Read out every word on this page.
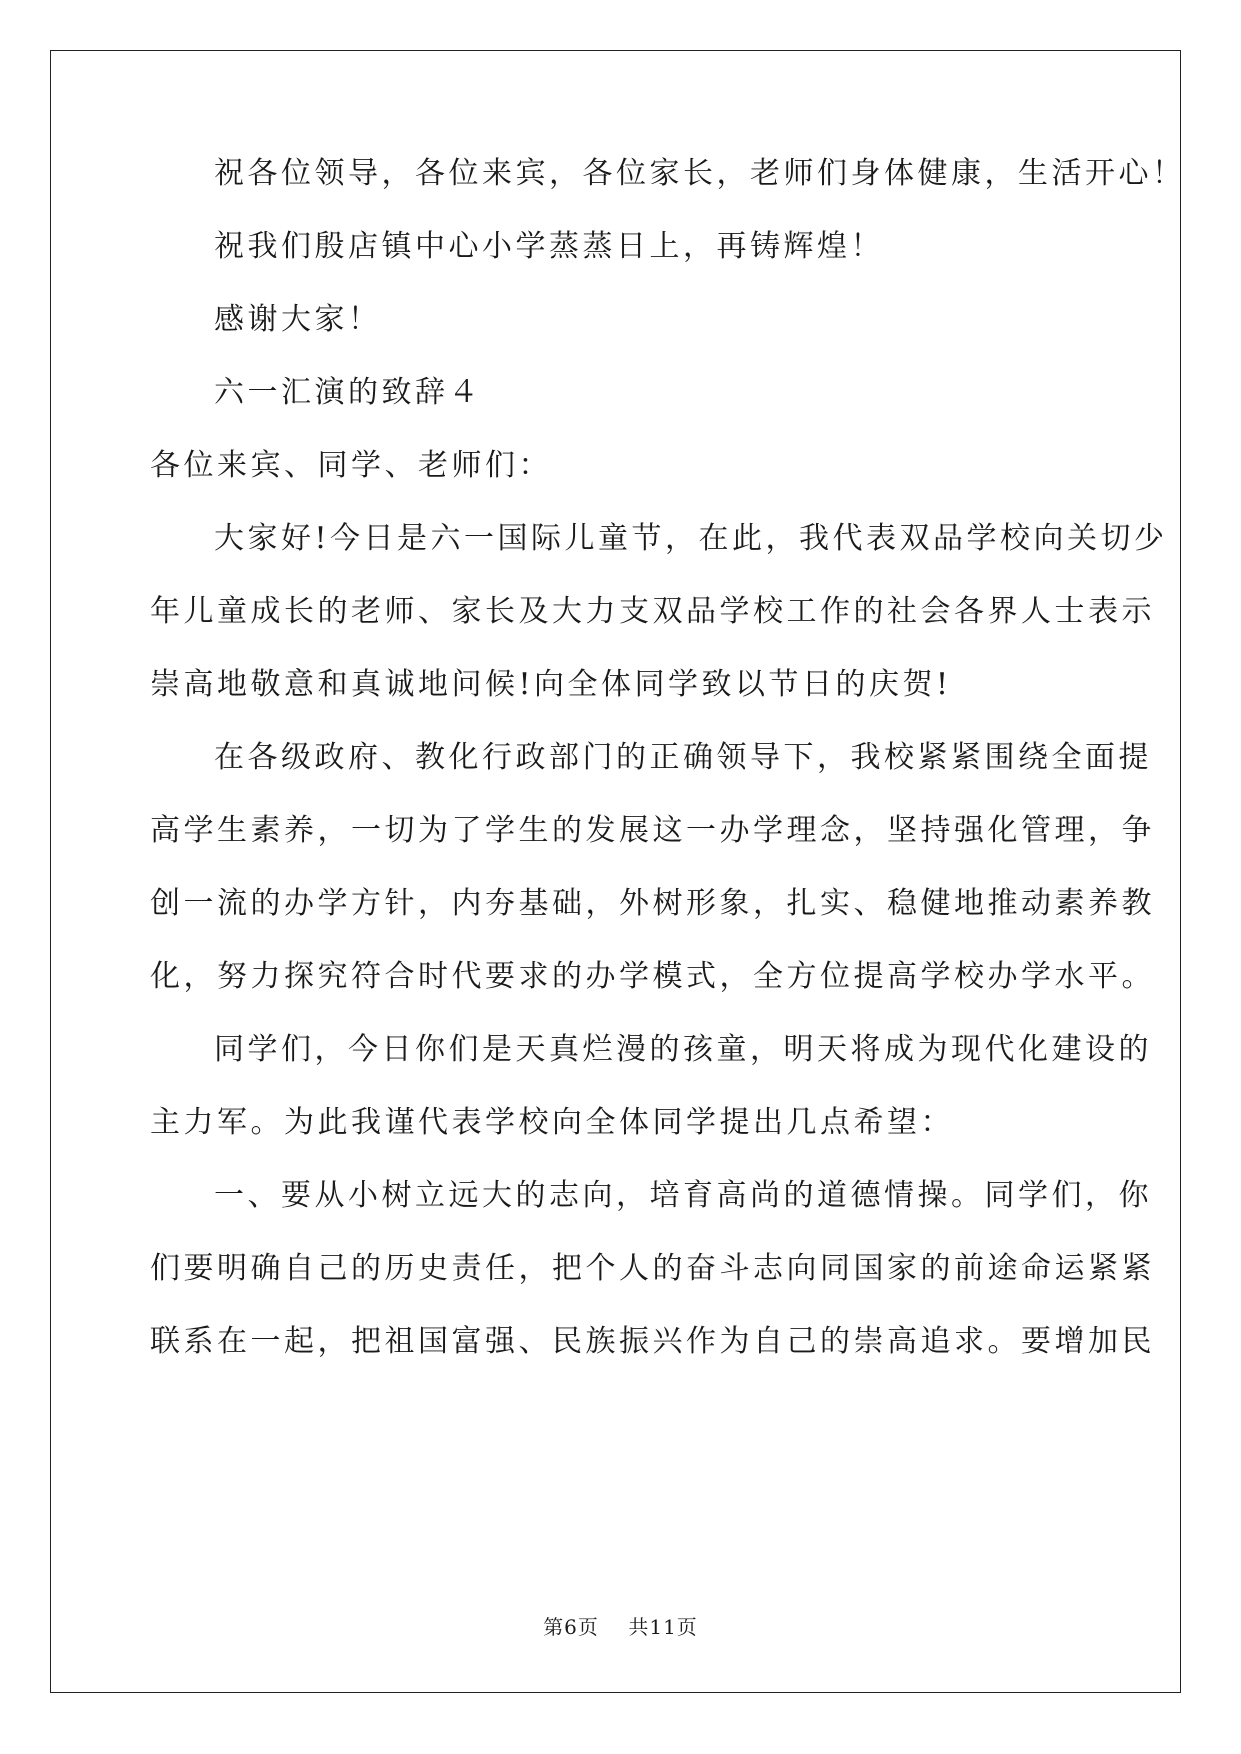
祝各位领导，各位来宾，各位家长，老师们身体健康，生活开心！
祝我们殷店镇中心小学蒸蒸日上，再铸辉煌！
感谢大家！
六一汇演的致辞４
各位来宾、同学、老师们：
大家好!今日是六一国际儿童节，在此，我代表双品学校向关切少
年儿童成长的老师、家长及大力支双品学校工作的社会各界人士表示
崇高地敬意和真诚地问候!向全体同学致以节日的庆贺!
在各级政府、教化行政部门的正确领导下，我校紧紧围绕全面提
高学生素养，一切为了学生的发展这一办学理念，坚持强化管理，争
创一流的办学方针，内夯基础，外树形象，扎实、稳健地推动素养教
化，努力探究符合时代要求的办学模式，全方位提高学校办学水平。
同学们，今日你们是天真烂漫的孩童，明天将成为现代化建设的
主力军。为此我谨代表学校向全体同学提出几点希望：
一、要从小树立远大的志向，培育高尚的道德情操。同学们，你
们要明确自己的历史责任，把个人的奋斗志向同国家的前途命运紧紧
联系在一起，把祖国富强、民族振兴作为自己的崇高追求。要增加民
第6页 共11页
